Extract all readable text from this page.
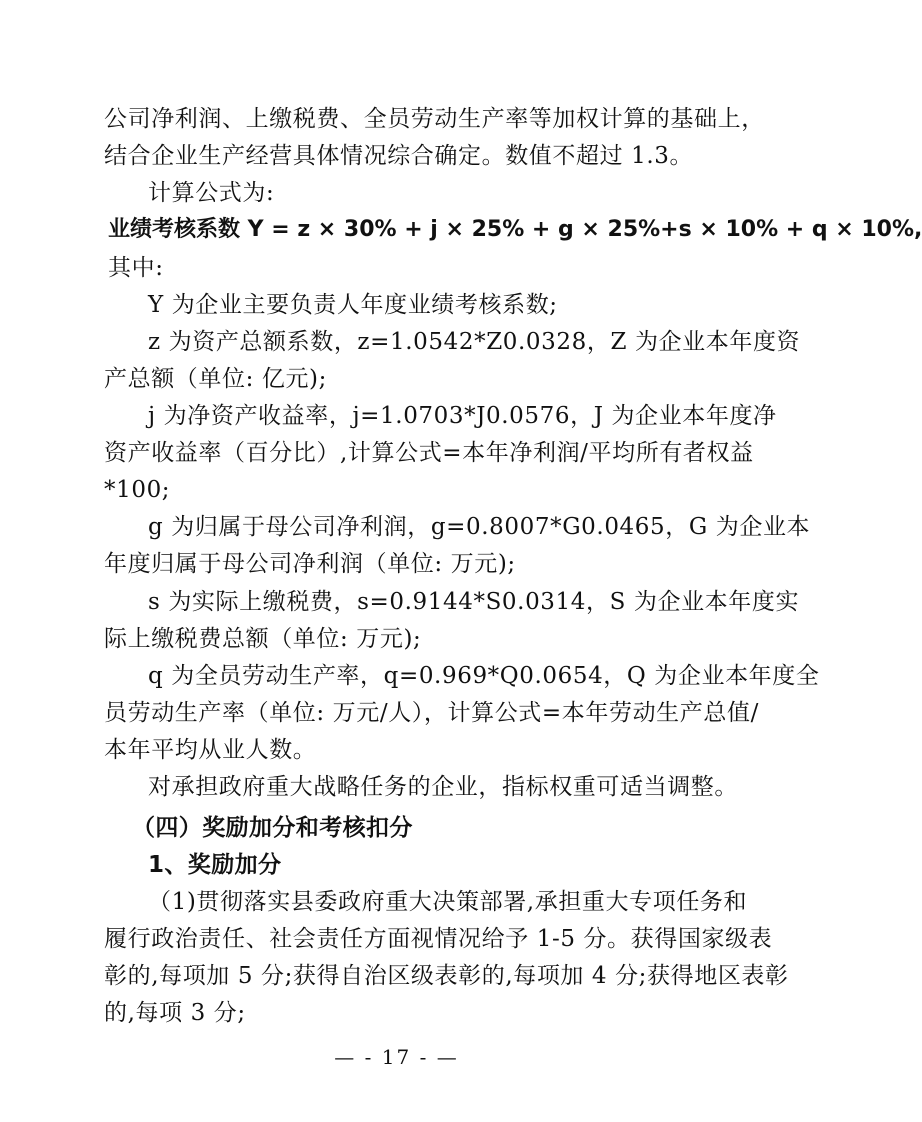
公司净利润、上缴税费、全员劳动生产率等加权计算的基础上，
结合企业生产经营具体情况综合确定。数值不超过 1.3。
计算公式为:
业绩考核系数 Y = z × 30% + j × 25% + g × 25%+s × 10% + q × 10%,
其中:
Y 为企业主要负责人年度业绩考核系数;
z 为资产总额系数，z=1.0542*Z0.0328，Z 为企业本年度资
产总额（单位: 亿元);
j 为净资产收益率，j=1.0703*J0.0576，J 为企业本年度净
资产收益率（百分比）,计算公式=本年净利润/平均所有者权益
*100;
g 为归属于母公司净利润，g=0.8007*G0.0465，G 为企业本
年度归属于母公司净利润（单位: 万元);
s 为实际上缴税费，s=0.9144*S0.0314，S 为企业本年度实
际上缴税费总额（单位: 万元);
q 为全员劳动生产率，q=0.969*Q0.0654，Q 为企业本年度全
员劳动生产率（单位: 万元/人），计算公式=本年劳动生产总值/
本年平均从业人数。
对承担政府重大战略任务的企业，指标权重可适当调整。
（四）奖励加分和考核扣分
1、奖励加分
（1)贯彻落实县委政府重大决策部署,承担重大专项任务和
履行政治责任、社会责任方面视情况给予 1-5 分。获得国家级表
彰的,每项加 5 分;获得自治区级表彰的,每项加 4 分;获得地区表彰
的,每项 3 分;
— - 17 - —
